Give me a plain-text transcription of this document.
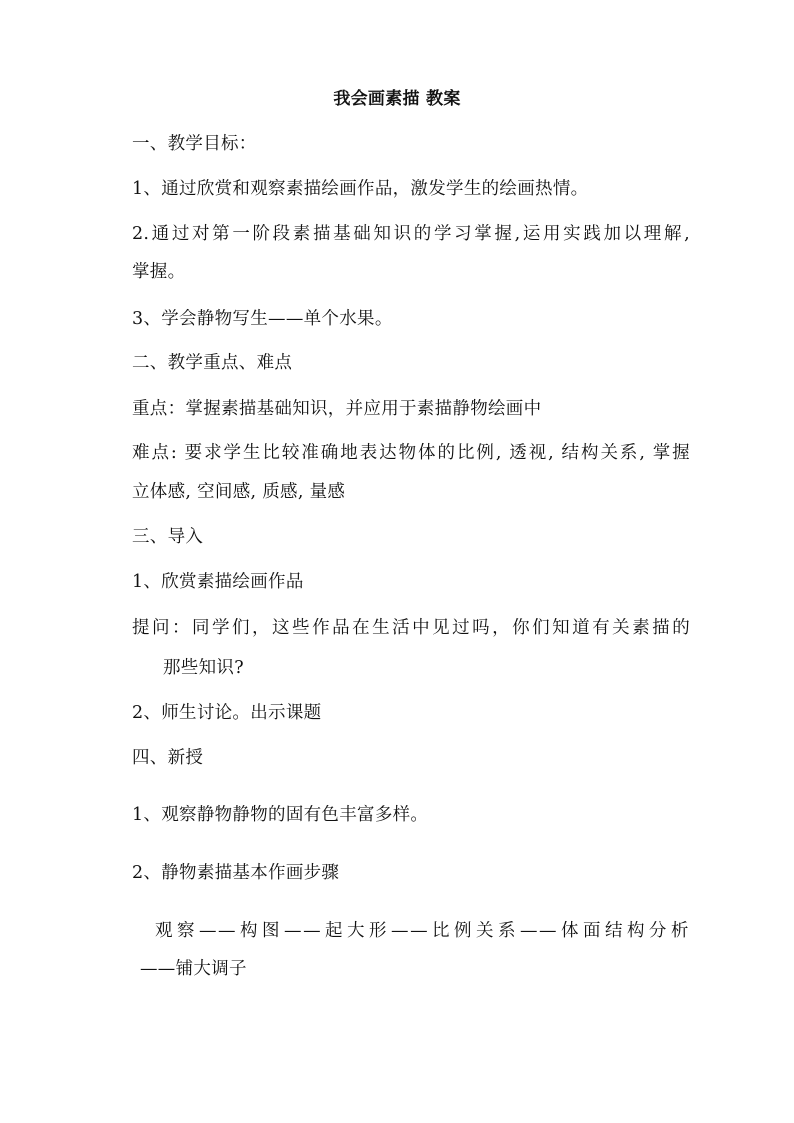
我会画素描 教案
一、教学目标：
1、通过欣赏和观察素描绘画作品，激发学生的绘画热情。
2.通过对第一阶段素描基础知识的学习掌握,运用实践加以理解,
掌握。
3、学会静物写生——单个水果。
二、教学重点、难点
重点：掌握素描基础知识，并应用于素描静物绘画中
难点: 要求学生比较准确地表达物体的比例, 透视, 结构关系, 掌握
立体感, 空间感, 质感, 量感
三、导入
1、欣赏素描绘画作品
提问：同学们，这些作品在生活中见过吗，你们知道有关素描的
那些知识?
2、师生讨论。出示课题
四、新授
1、观察静物静物的固有色丰富多样。
2、静物素描基本作画步骤
观察——构图——起大形——比例关系——体面结构分析
——铺大调子
